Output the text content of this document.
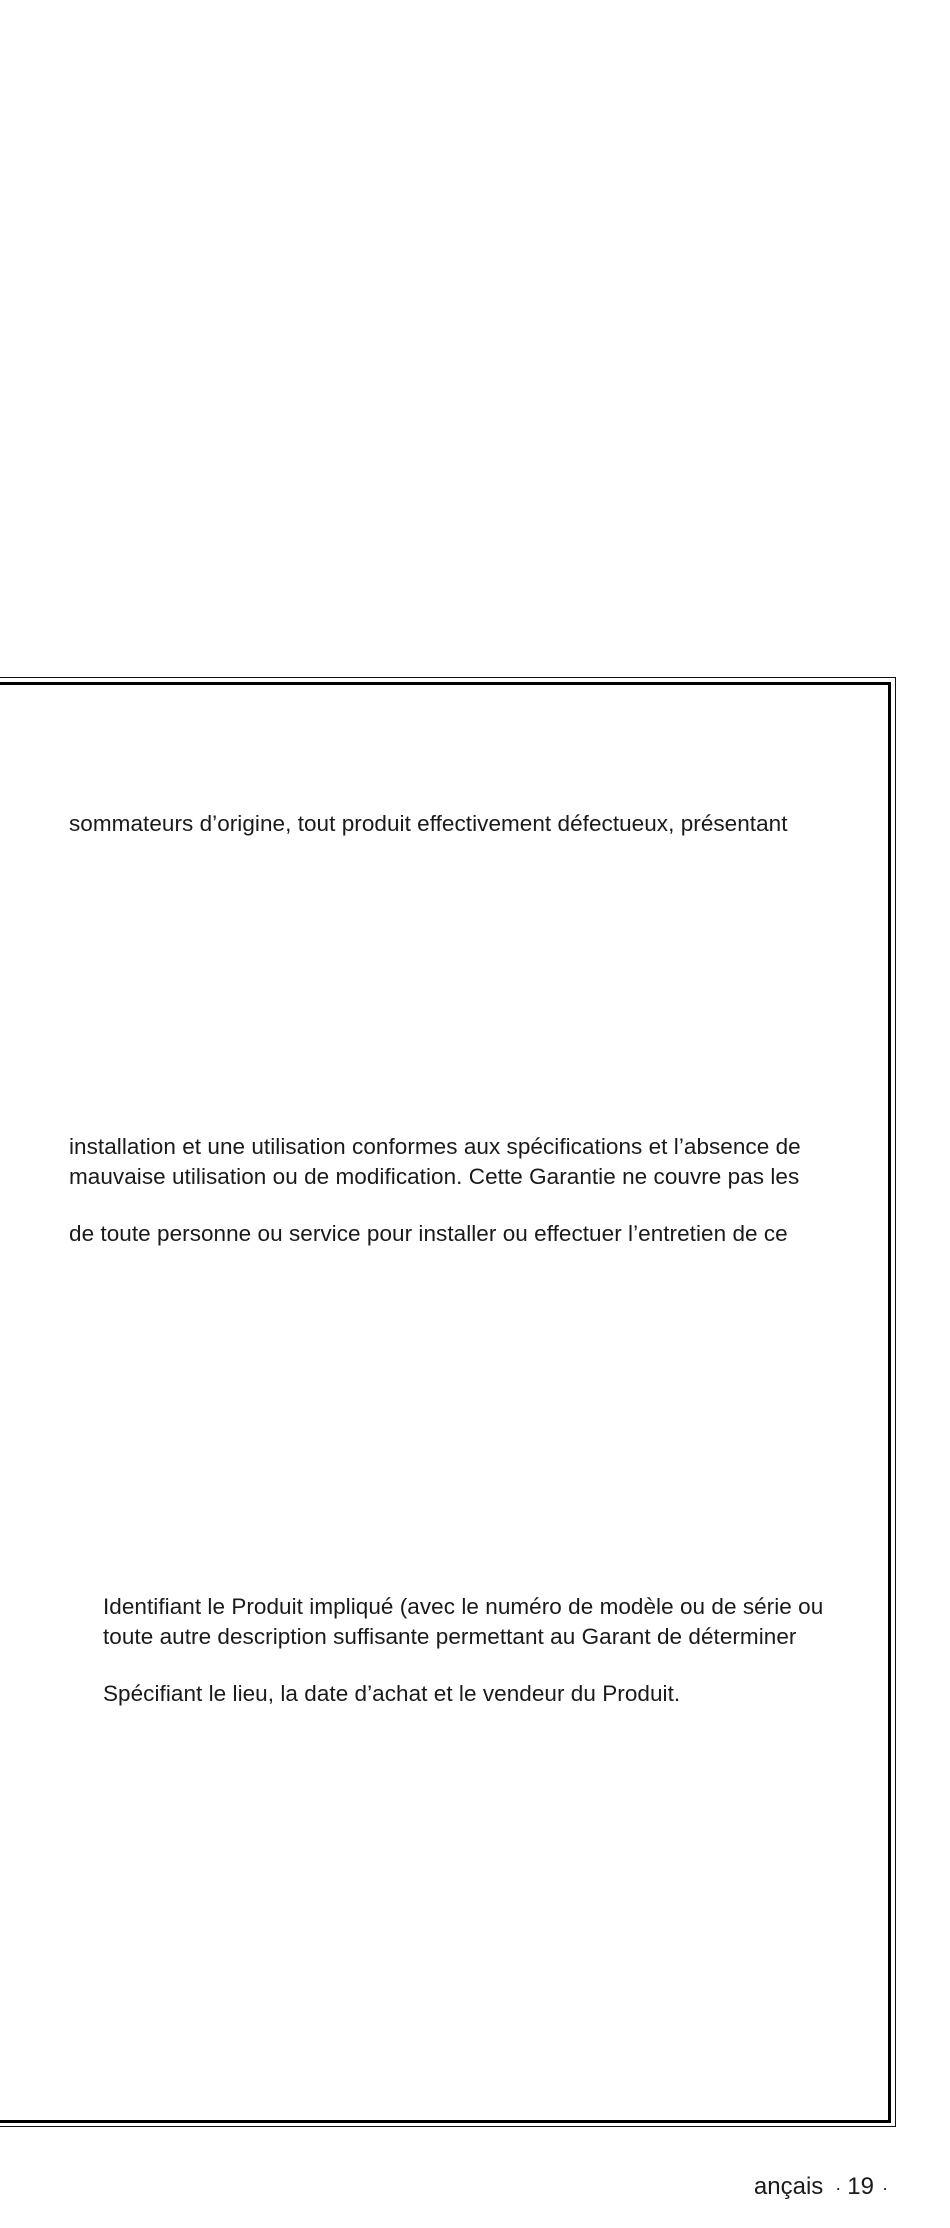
sommateurs d’origine, tout produit effectivement défectueux, présentant
installation et une utilisation conformes aux spécifications et l’absence de
mauvaise utilisation ou de modification. Cette Garantie ne couvre pas les
de toute personne ou service pour installer ou effectuer l’entretien de ce
Identifiant le Produit impliqué (avec le numéro de modèle ou de série ou
toute autre description suffisante permettant au Garant de déterminer
Spécifiant le lieu, la date d’achat et le vendeur du Produit.
ançais · 19 ·
